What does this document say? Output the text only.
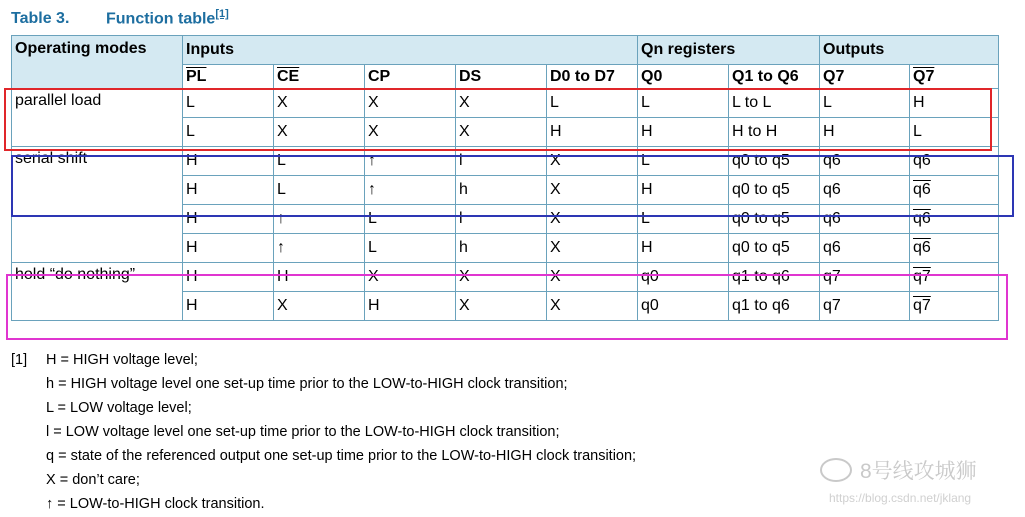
Table 3. Function table[1]
Operating modes	Inputs					Qn registers		Outputs	
	$\overline{PL}$	$\overline{CE}$	CP	DS	D0 to D7	Q0	Q1 to Q6	Q7	Q7
parallel load	L	X	X	X	L	L	L to L	L	H
	L	X	X	X	H	H	H to H	H	L
serial shift	H	L	↑	l	X	L	q0 to q5	q6	q6
	H	L	↑	h	X	H	q0 to q5	q6	q6
	H	↑	L	l	X	L	q0 to q5	q6	q6
	H	↑	L	h	X	H	q0 to q5	q6	q6
hold “do nothing”	H	H	X	X	X	q0	q1 to q6	q7	q7
	H	X	H	X	X	q0	q1 to q6	q7	q7
[1]	H = HIGH voltage level;
h = HIGH voltage level one set-up time prior to the LOW-to-HIGH clock transition;
L = LOW voltage level;
l = LOW voltage level one set-up time prior to the LOW-to-HIGH clock transition;
q = state of the referenced output one set-up time prior to the LOW-to-HIGH clock transition;
X = don’t care;
↑ = LOW-to-HIGH clock transition.
8号线攻城狮
https://blog.csdn.net/jklang
